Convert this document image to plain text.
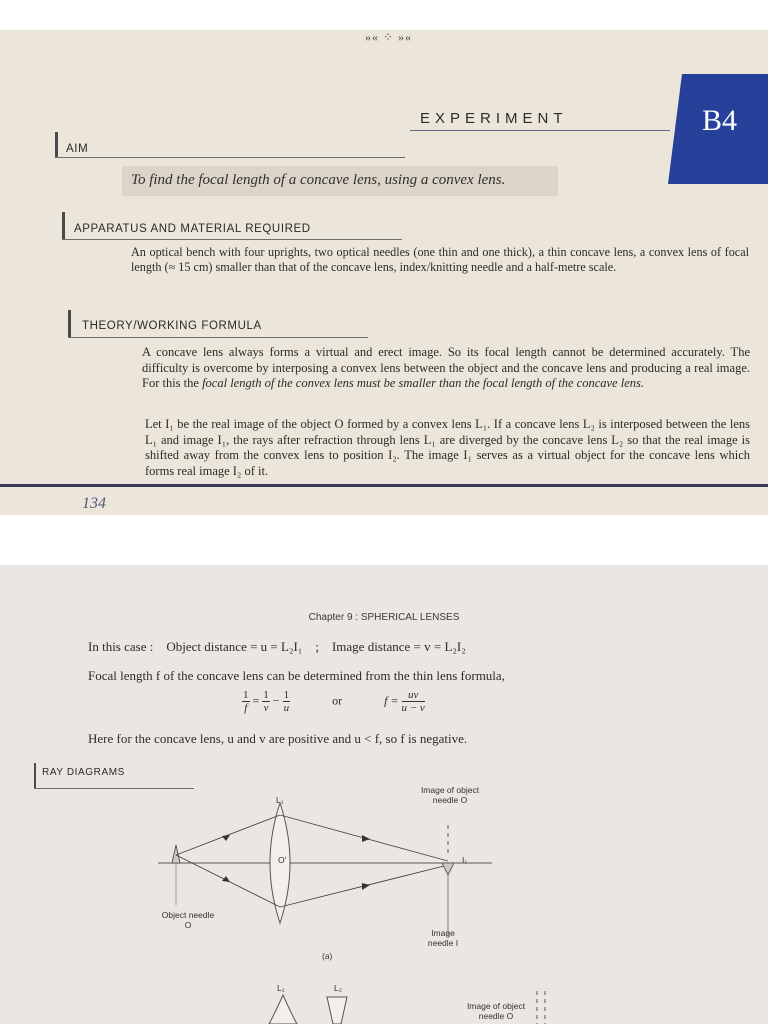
»« ⁘ »«
B4
EXPERIMENT
AIM
To find the focal length of a concave lens, using a convex lens.
APPARATUS AND MATERIAL REQUIRED
An optical bench with four uprights, two optical needles (one thin and one thick), a thin concave lens, a convex lens of focal length (≈ 15 cm) smaller than that of the concave lens, index/knitting needle and a half-metre scale.
THEORY/WORKING FORMULA
A concave lens always forms a virtual and erect image. So its focal length cannot be determined accurately. The difficulty is overcome by interposing a convex lens between the object and the concave lens and producing a real image. For this the focal length of the convex lens must be smaller than the focal length of the concave lens.
Let I₁ be the real image of the object O formed by a convex lens L₁. If a concave lens L₂ is interposed between the lens L₁ and image I₁, the rays after refraction through lens L₁ are diverged by the concave lens L₂ so that the real image is shifted away from the convex lens to position I₂. The image I₁ serves as a virtual object for the concave lens which forms real image I₂ of it.
134
Chapter 9 : SPHERICAL LENSES
In this case : Object distance = u = L₂I₁ ; Image distance = v = L₂I₂
Focal length f of the concave lens can be determined from the thin lens formula,
$\frac{1}{f} = \frac{1}{v} - \frac{1}{u}$	or	$f = \frac{uv}{u - v}$
Here for the concave lens, u and v are positive and u < f, so f is negative.
RAY DIAGRAMS
L₁
Image of object needle O
O'	I₁
Object needle O
Image needle I
(a)
L₁	L₂
Image of object needle O
